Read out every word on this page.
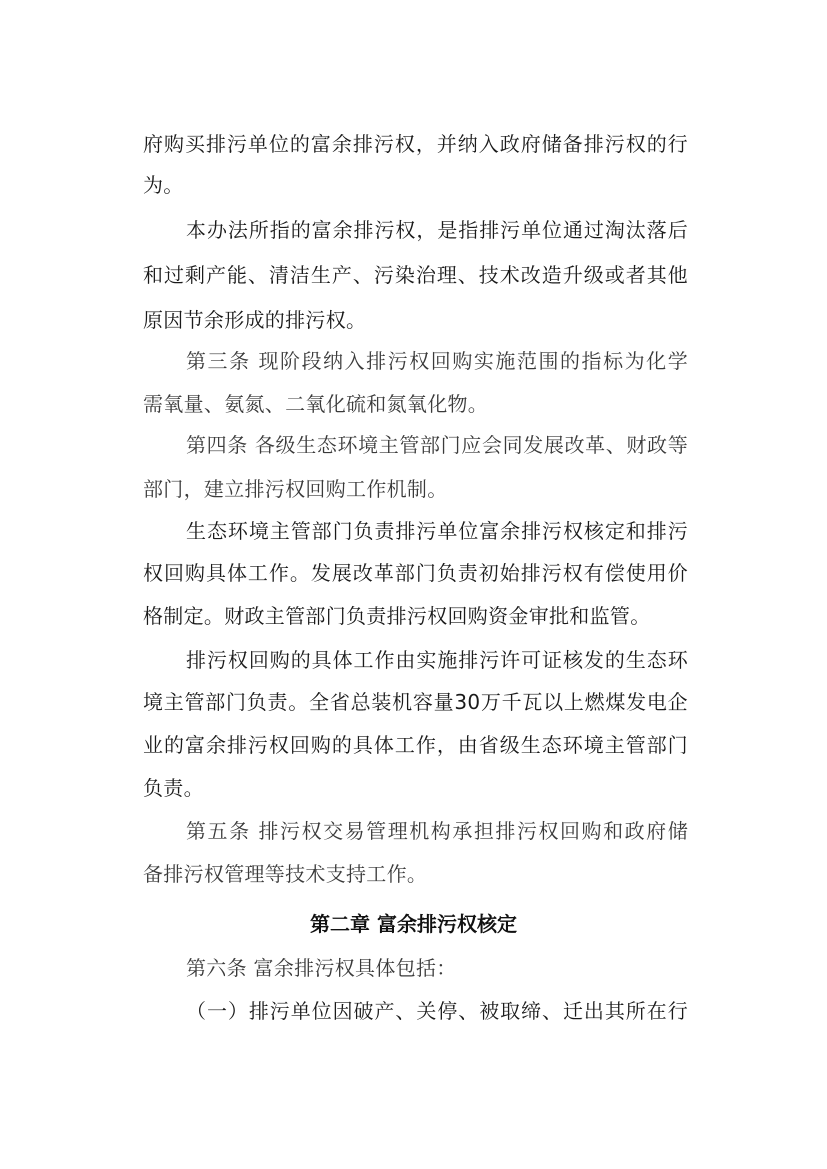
府购买排污单位的富余排污权，并纳入政府储备排污权的行
为。
本办法所指的富余排污权，是指排污单位通过淘汰落后
和过剩产能、清洁生产、污染治理、技术改造升级或者其他
原因节余形成的排污权。
第三条 现阶段纳入排污权回购实施范围的指标为化学
需氧量、氨氮、二氧化硫和氮氧化物。
第四条 各级生态环境主管部门应会同发展改革、财政等
部门，建立排污权回购工作机制。
生态环境主管部门负责排污单位富余排污权核定和排污
权回购具体工作。发展改革部门负责初始排污权有偿使用价
格制定。财政主管部门负责排污权回购资金审批和监管。
排污权回购的具体工作由实施排污许可证核发的生态环
境主管部门负责。全省总装机容量30万千瓦以上燃煤发电企
业的富余排污权回购的具体工作，由省级生态环境主管部门
负责。
第五条 排污权交易管理机构承担排污权回购和政府储
备排污权管理等技术支持工作。
第二章 富余排污权核定
第六条 富余排污权具体包括：
（一）排污单位因破产、关停、被取缔、迁出其所在行
